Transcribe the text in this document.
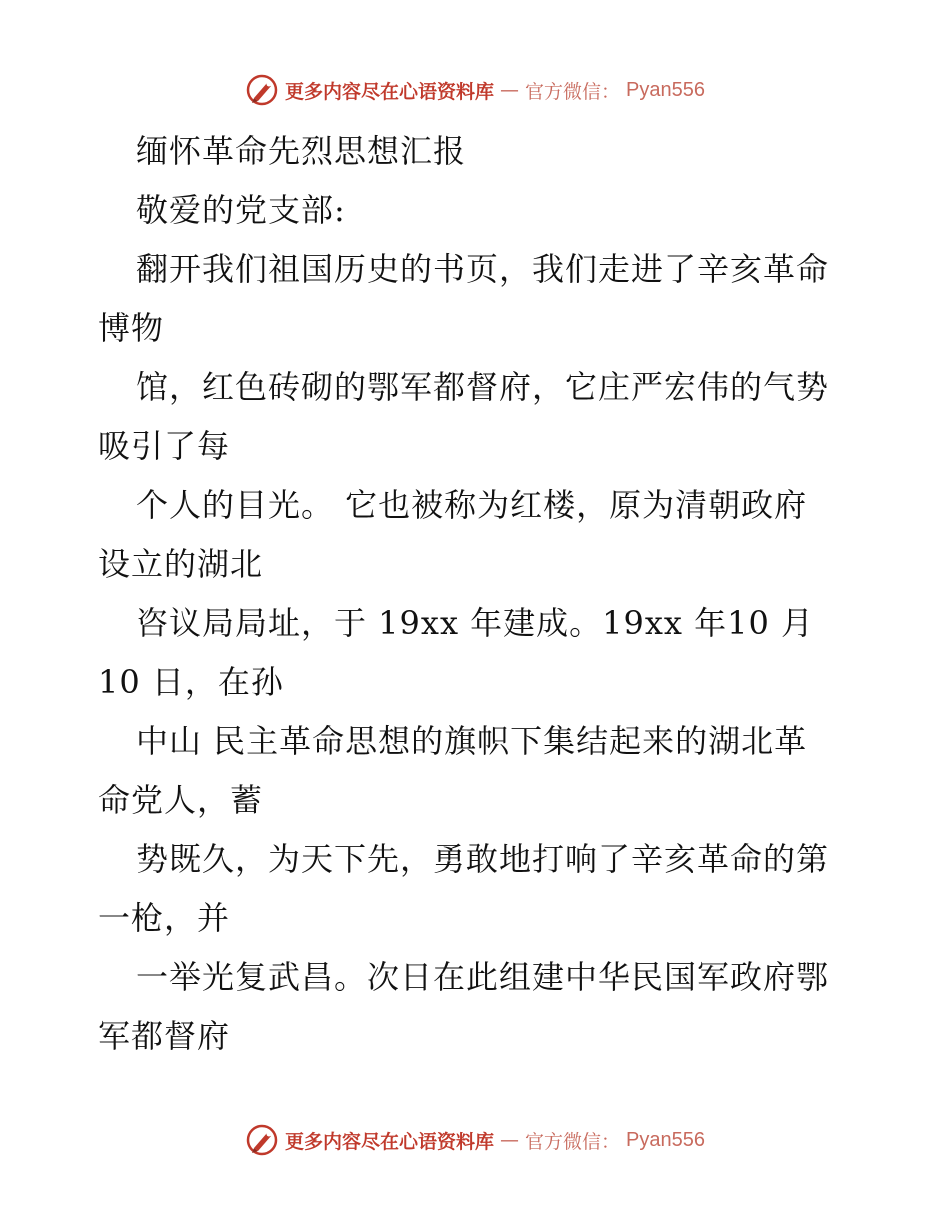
更多内容尽在心语资料库 — 官方微信： Pyan556
缅怀革命先烈思想汇报
敬爱的党支部:
翻开我们祖国历史的书页，我们走进了辛亥革命
博物
馆，红色砖砌的鄂军都督府，它庄严宏伟的气势
吸引了每
个人的目光。 它也被称为红楼，原为清朝政府
设立的湖北
咨议局局址，于 19xx 年建成。19xx 年10 月
10 日，在孙
中山 民主革命思想的旗帜下集结起来的湖北革
命党人，蓄
势既久，为天下先，勇敢地打响了辛亥革命的第
一枪，并
一举光复武昌。次日在此组建中华民国军政府鄂
军都督府
更多内容尽在心语资料库 — 官方微信： Pyan556
